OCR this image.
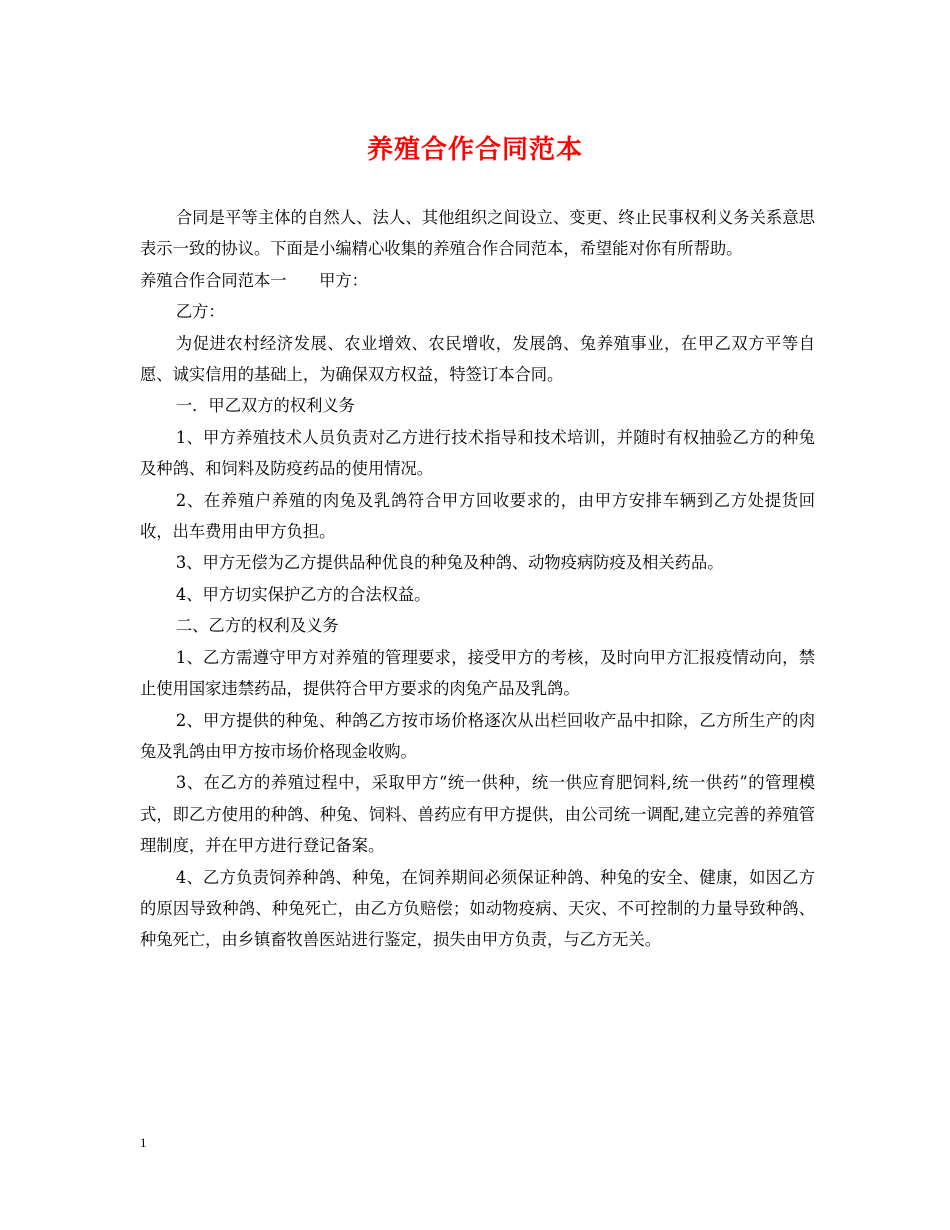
养殖合作合同范本

合同是平等主体的自然人、法人、其他组织之间设立、变更、终止民事权利义务关系意思表示一致的协议。下面是小编精心收集的养殖合作合同范本，希望能对你有所帮助。

养殖合作合同范本一　　甲方：

乙方：

为促进农村经济发展、农业增效、农民增收，发展鸽、兔养殖事业，在甲乙双方平等自愿、诚实信用的基础上，为确保双方权益，特签订本合同。

一．甲乙双方的权利义务

1、甲方养殖技术人员负责对乙方进行技术指导和技术培训，并随时有权抽验乙方的种兔及种鸽、和饲料及防疫药品的使用情况。

2、在养殖户养殖的肉兔及乳鸽符合甲方回收要求的，由甲方安排车辆到乙方处提货回收，出车费用由甲方负担。

3、甲方无偿为乙方提供品种优良的种兔及种鸽、动物疫病防疫及相关药品。

4、甲方切实保护乙方的合法权益。

二、乙方的权利及义务

1、乙方需遵守甲方对养殖的管理要求，接受甲方的考核，及时向甲方汇报疫情动向，禁止使用国家违禁药品，提供符合甲方要求的肉兔产品及乳鸽。

2、甲方提供的种兔、种鸽乙方按市场价格逐次从出栏回收产品中扣除，乙方所生产的肉兔及乳鸽由甲方按市场价格现金收购。

3、在乙方的养殖过程中，采取甲方“统一供种，统一供应育肥饲料,统一供药”的管理模式，即乙方使用的种鸽、种兔、饲料、兽药应有甲方提供，由公司统一调配,建立完善的养殖管理制度，并在甲方进行登记备案。

4、乙方负责饲养种鸽、种兔，在饲养期间必须保证种鸽、种兔的安全、健康，如因乙方的原因导致种鸽、种兔死亡，由乙方负赔偿；如动物疫病、天灾、不可控制的力量导致种鸽、种兔死亡，由乡镇畜牧兽医站进行鉴定，损失由甲方负责，与乙方无关。

1
